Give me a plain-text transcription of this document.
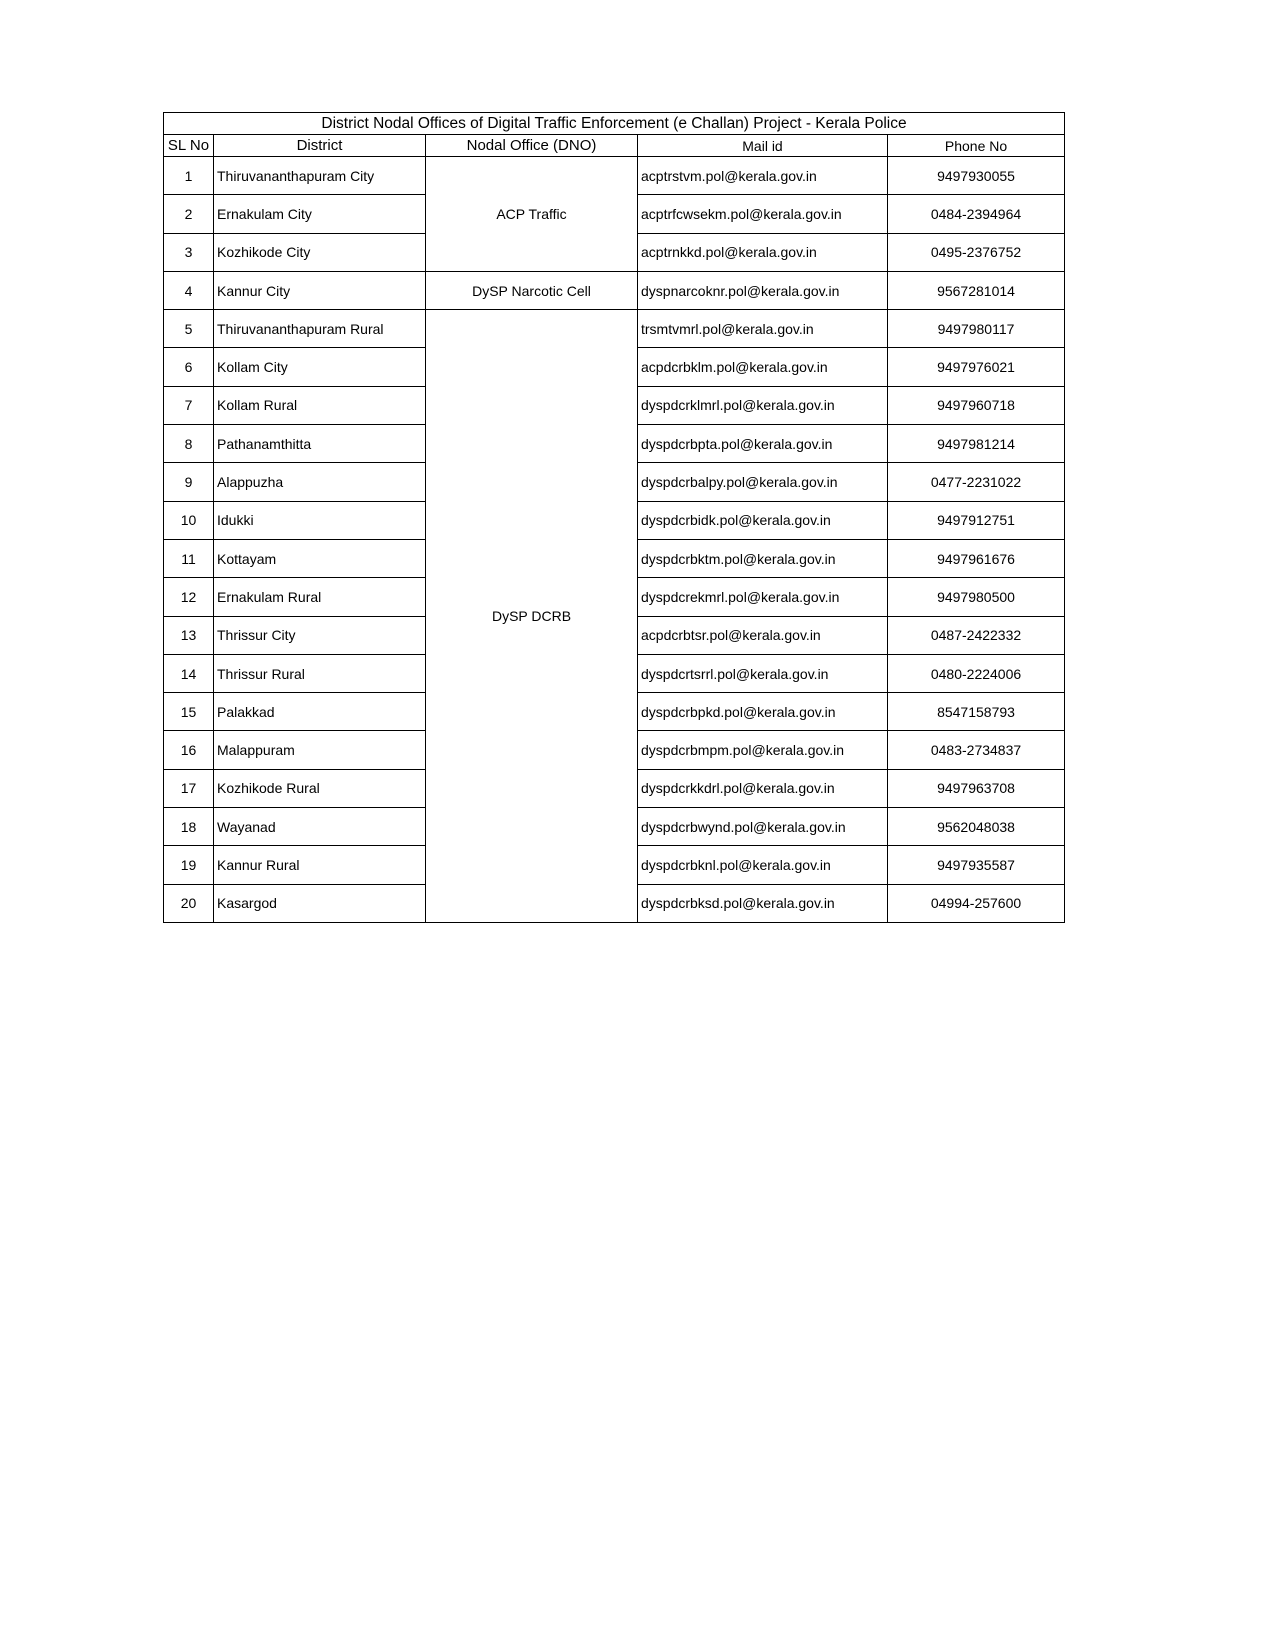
District Nodal Offices of Digital Traffic Enforcement (e Challan) Project - Kerala Police				
SL No	District	Nodal Office (DNO)	Mail id	Phone No
1	Thiruvananthapuram City	ACP Traffic	acptrstvm.pol@kerala.gov.in	9497930055
2	Ernakulam City		acptrfcwsekm.pol@kerala.gov.in	0484-2394964
3	Kozhikode City		acptrnkkd.pol@kerala.gov.in	0495-2376752
4	Kannur City	DySP Narcotic Cell	dyspnarcoknr.pol@kerala.gov.in	9567281014
5	Thiruvananthapuram Rural	DySP DCRB	trsmtvmrl.pol@kerala.gov.in	9497980117
6	Kollam City		acpdcrbklm.pol@kerala.gov.in	9497976021
7	Kollam Rural		dyspdcrklmrl.pol@kerala.gov.in	9497960718
8	Pathanamthitta		dyspdcrbpta.pol@kerala.gov.in	9497981214
9	Alappuzha		dyspdcrbalpy.pol@kerala.gov.in	0477-2231022
10	Idukki		dyspdcrbidk.pol@kerala.gov.in	9497912751
11	Kottayam		dyspdcrbktm.pol@kerala.gov.in	9497961676
12	Ernakulam Rural		dyspdcrekmrl.pol@kerala.gov.in	9497980500
13	Thrissur City		acpdcrbtsr.pol@kerala.gov.in	0487-2422332
14	Thrissur Rural		dyspdcrtsrrl.pol@kerala.gov.in	0480-2224006
15	Palakkad		dyspdcrbpkd.pol@kerala.gov.in	8547158793
16	Malappuram		dyspdcrbmpm.pol@kerala.gov.in	0483-2734837
17	Kozhikode Rural		dyspdcrkkdrl.pol@kerala.gov.in	9497963708
18	Wayanad		dyspdcrbwynd.pol@kerala.gov.in	9562048038
19	Kannur Rural		dyspdcrbknl.pol@kerala.gov.in	9497935587
20	Kasargod		dyspdcrbksd.pol@kerala.gov.in	04994-257600
